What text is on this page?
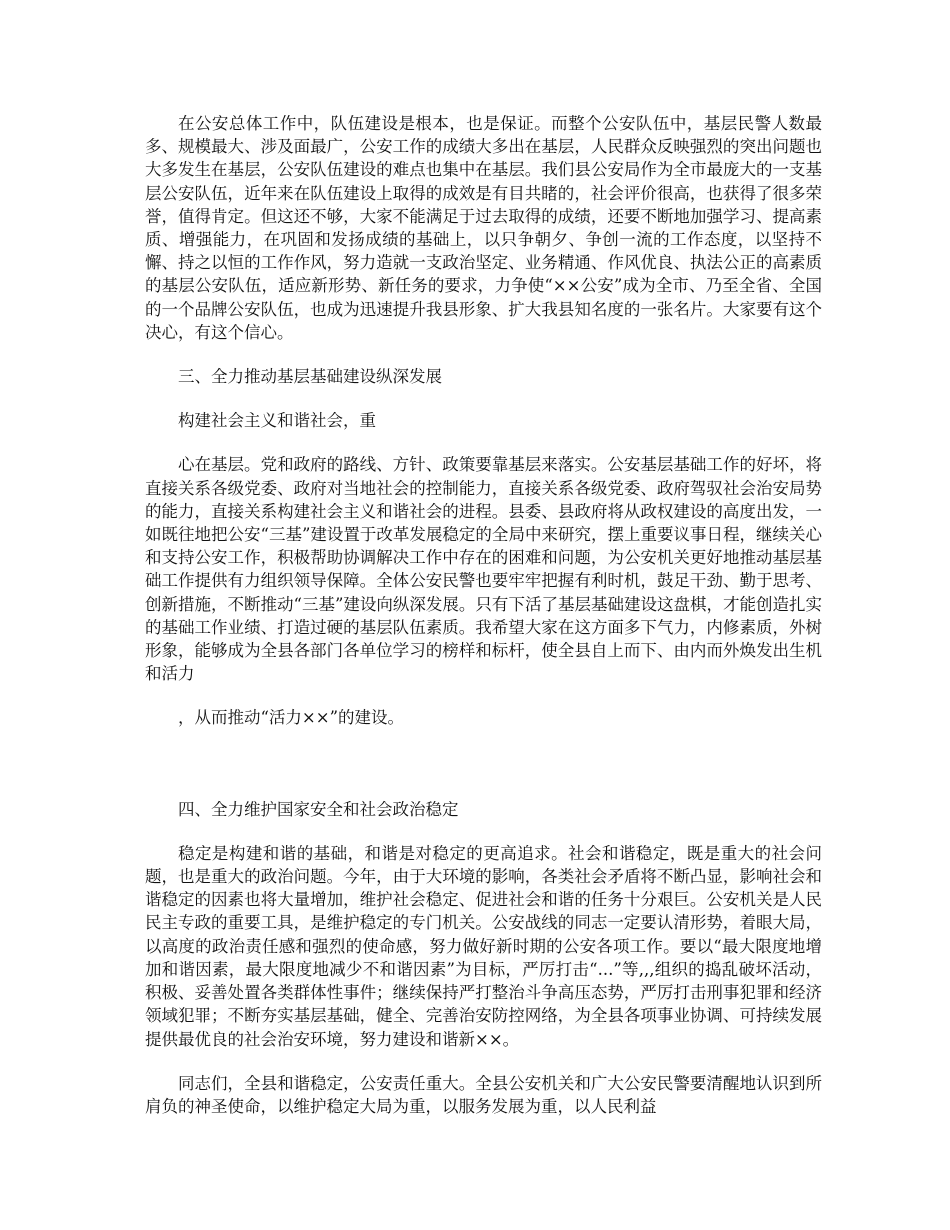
在公安总体工作中，队伍建设是根本，也是保证。而整个公安队伍中，基层民警人数最多、规模最大、涉及面最广，公安工作的成绩大多出在基层，人民群众反映强烈的突出问题也大多发生在基层，公安队伍建设的难点也集中在基层。我们县公安局作为全市最庞大的一支基层公安队伍，近年来在队伍建设上取得的成效是有目共睹的，社会评价很高，也获得了很多荣誉，值得肯定。但这还不够，大家不能满足于过去取得的成绩，还要不断地加强学习、提高素质、增强能力，在巩固和发扬成绩的基础上，以只争朝夕、争创一流的工作态度，以坚持不懈、持之以恒的工作作风，努力造就一支政治坚定、业务精通、作风优良、执法公正的高素质的基层公安队伍，适应新形势、新任务的要求，力争使“××公安”成为全市、乃至全省、全国的一个品牌公安队伍，也成为迅速提升我县形象、扩大我县知名度的一张名片。大家要有这个决心，有这个信心。

三、全力推动基层基础建设纵深发展

构建社会主义和谐社会，重

心在基层。党和政府的路线、方针、政策要靠基层来落实。公安基层基础工作的好坏，将直接关系各级党委、政府对当地社会的控制能力，直接关系各级党委、政府驾驭社会治安局势的能力，直接关系构建社会主义和谐社会的进程。县委、县政府将从政权建设的高度出发，一如既往地把公安“三基”建设置于改革发展稳定的全局中来研究，摆上重要议事日程，继续关心和支持公安工作，积极帮助协调解决工作中存在的困难和问题，为公安机关更好地推动基层基础工作提供有力组织领导保障。全体公安民警也要牢牢把握有利时机，鼓足干劲、勤于思考、创新措施，不断推动“三基”建设向纵深发展。只有下活了基层基础建设这盘棋，才能创造扎实的基础工作业绩、打造过硬的基层队伍素质。我希望大家在这方面多下气力，内修素质，外树形象，能够成为全县各部门各单位学习的榜样和标杆，使全县自上而下、由内而外焕发出生机和活力

，从而推动“活力××”的建设。

四、全力维护国家安全和社会政治稳定

稳定是构建和谐的基础，和谐是对稳定的更高追求。社会和谐稳定，既是重大的社会问题，也是重大的政治问题。今年，由于大环境的影响，各类社会矛盾将不断凸显，影响社会和谐稳定的因素也将大量增加，维护社会稳定、促进社会和谐的任务十分艰巨。公安机关是人民民主专政的重要工具，是维护稳定的专门机关。公安战线的同志一定要认清形势，着眼大局，以高度的政治责任感和强烈的使命感，努力做好新时期的公安各项工作。要以“最大限度地增加和谐因素，最大限度地减少不和谐因素”为目标，严厉打击“...”等,,,组织的捣乱破坏活动，积极、妥善处置各类群体性事件；继续保持严打整治斗争高压态势，严厉打击刑事犯罪和经济领域犯罪；不断夯实基层基础，健全、完善治安防控网络，为全县各项事业协调、可持续发展提供最优良的社会治安环境，努力建设和谐新××。

同志们，全县和谐稳定，公安责任重大。全县公安机关和广大公安民警要清醒地认识到所肩负的神圣使命，以维护稳定大局为重，以服务发展为重，以人民利益
